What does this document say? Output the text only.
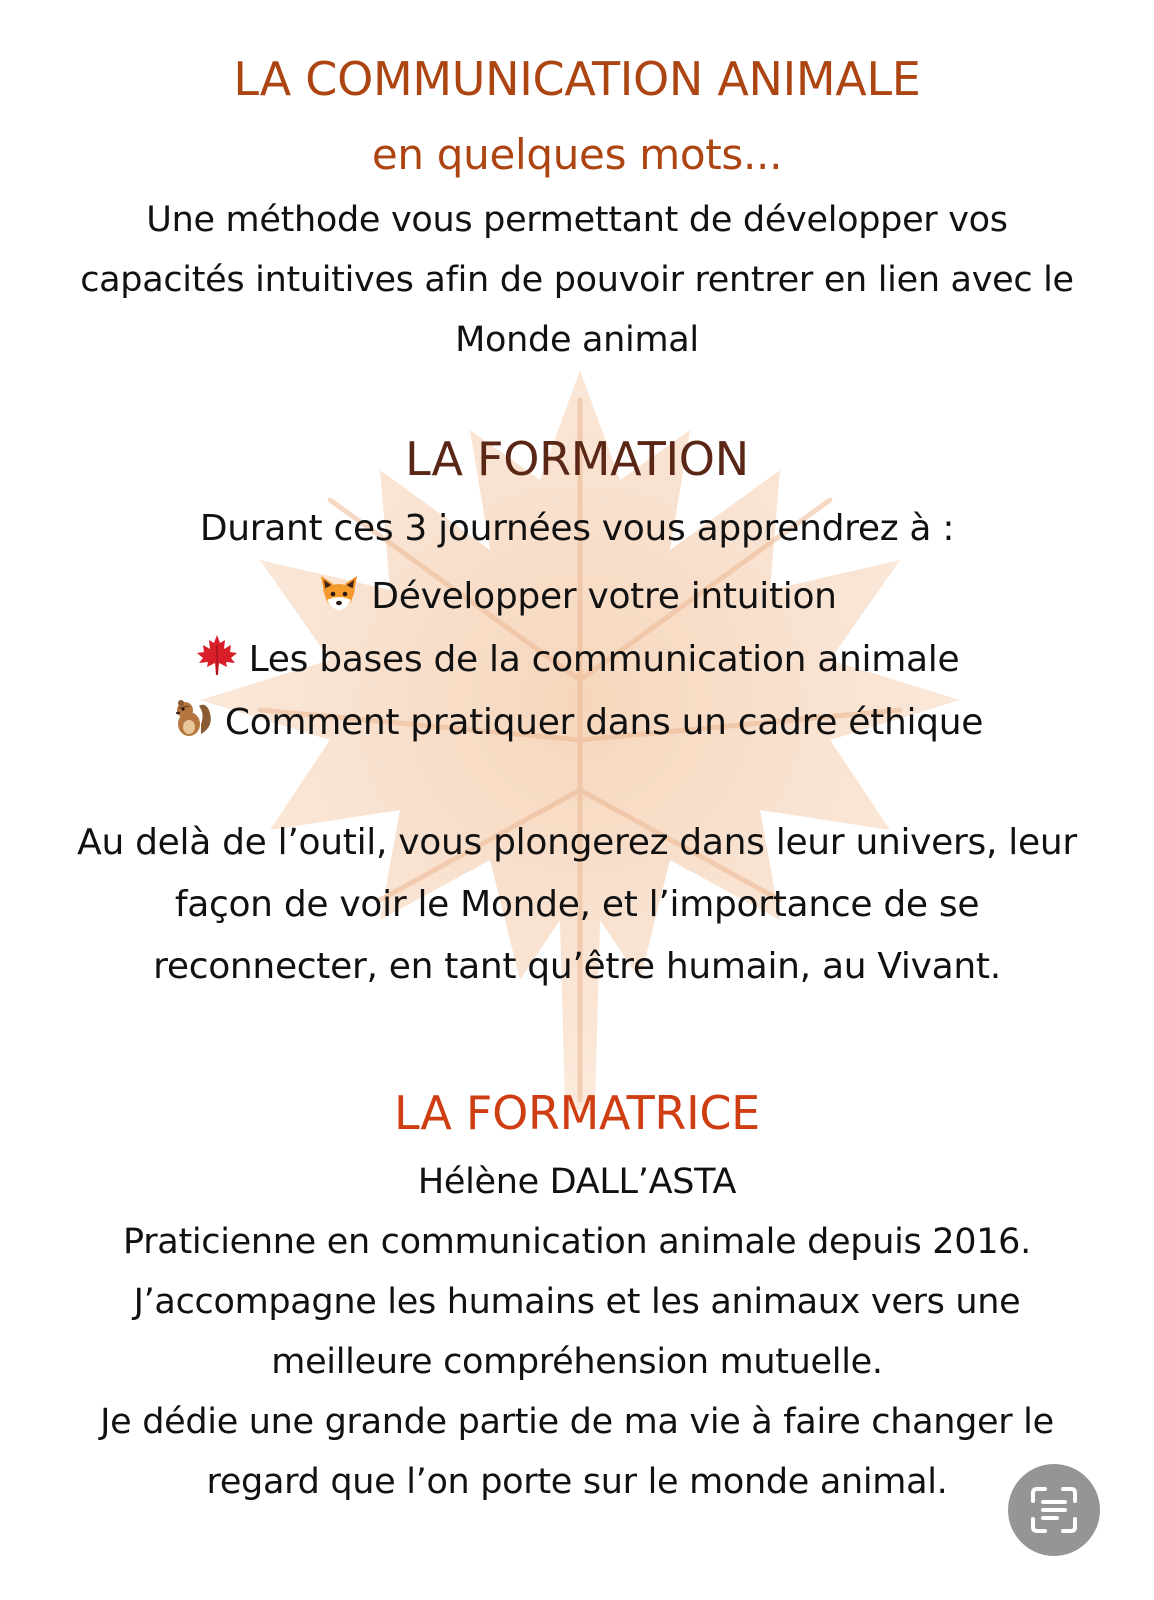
LA COMMUNICATION ANIMALE
en quelques mots...
Une méthode vous permettant de développer vos
capacités intuitives afin de pouvoir rentrer en lien avec le
Monde animal
LA FORMATION
Durant ces 3 journées vous apprendrez à :
Développer votre intuition
Les bases de la communication animale
Comment pratiquer dans un cadre éthique
Au delà de l’outil, vous plongerez dans leur univers, leur
façon de voir le Monde, et l’importance de se
reconnecter, en tant qu’être humain, au Vivant.
LA FORMATRICE
Hélène DALL’ASTA
Praticienne en communication animale depuis 2016.
J’accompagne les humains et les animaux vers une
meilleure compréhension mutuelle.
Je dédie une grande partie de ma vie à faire changer le
regard que l’on porte sur le monde animal.
